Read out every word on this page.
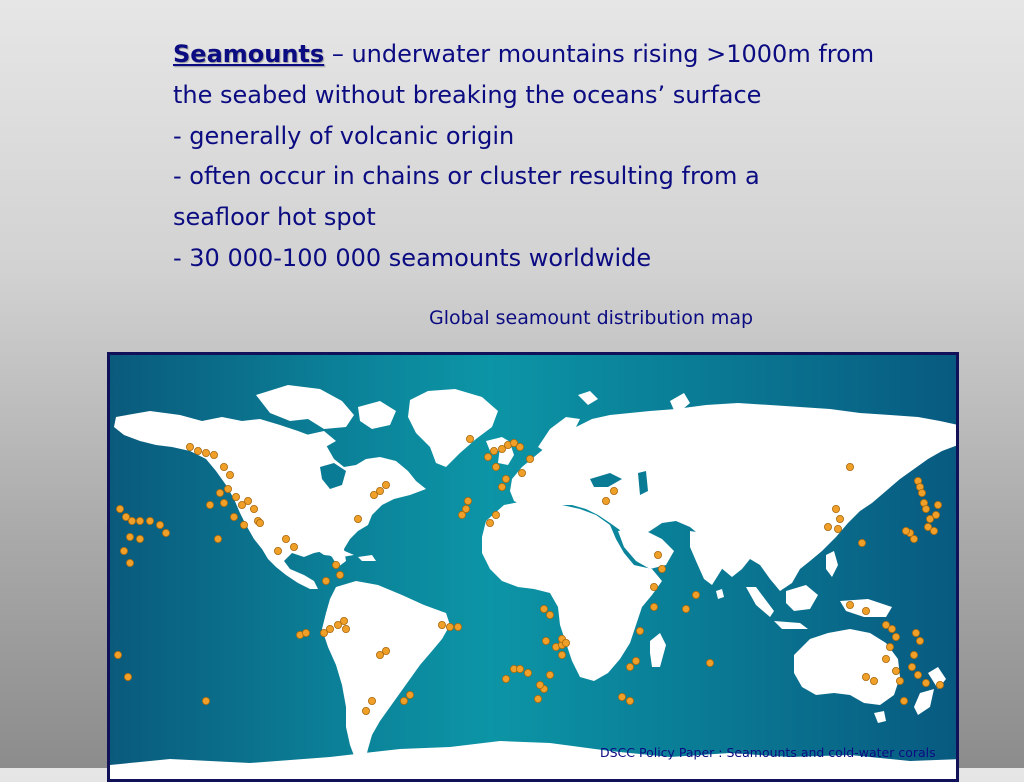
Seamounts – underwater mountains rising >1000m from

the seabed without breaking the oceans’ surface

- generally of volcanic origin

- often occur in chains or cluster resulting from a

seafloor hot spot

- 30 000-100 000 seamounts worldwide

Global seamount distribution map
DSCC Policy Paper : Seamounts and cold-water corals
